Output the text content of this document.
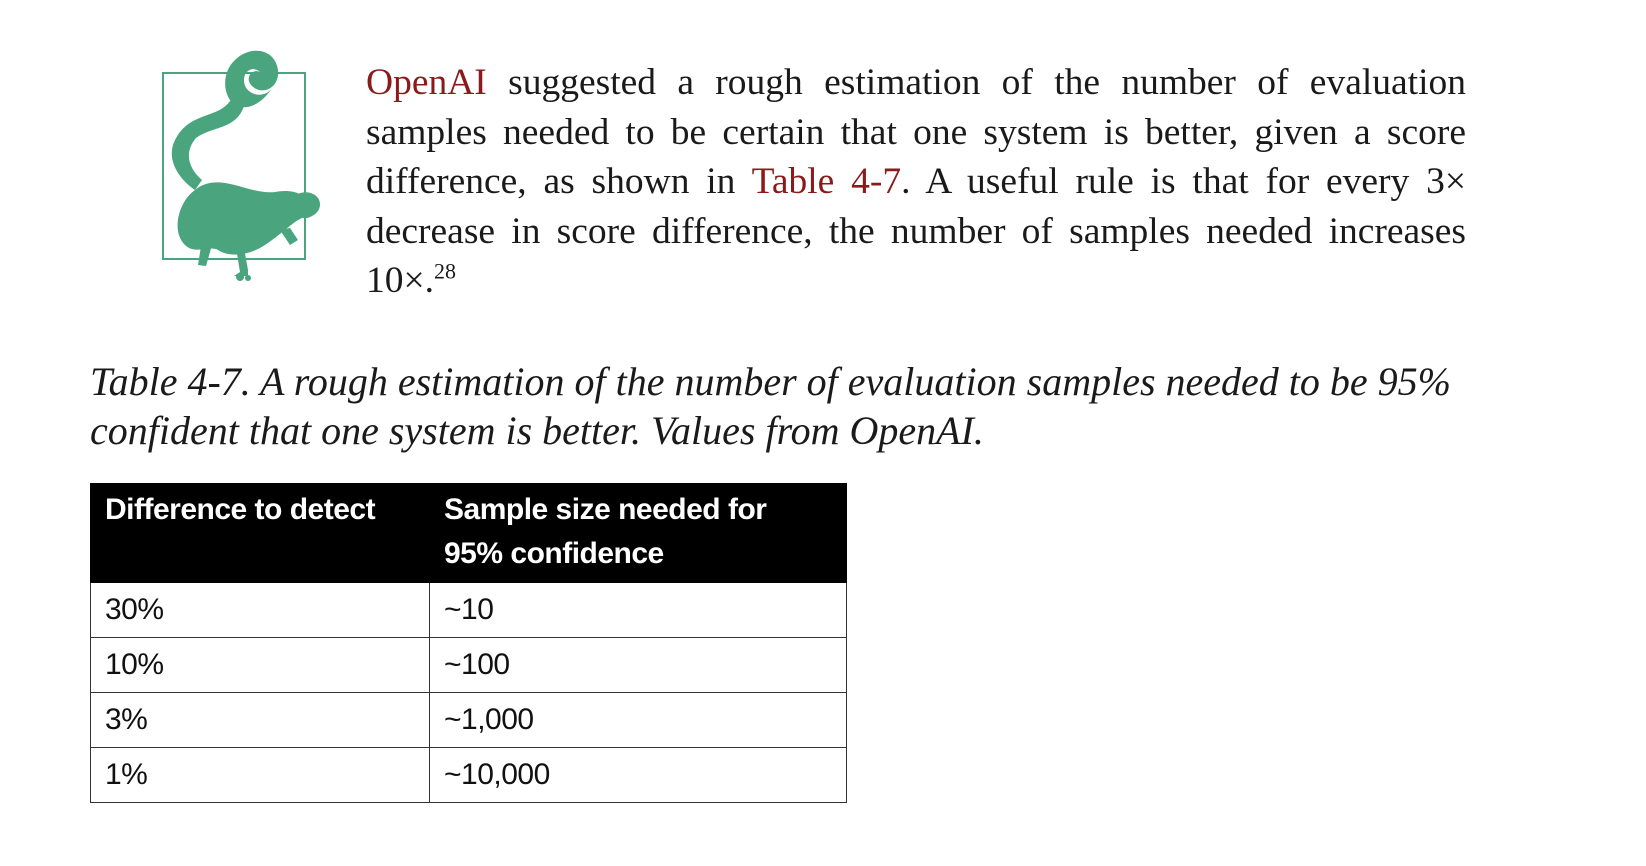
OpenAI suggested a rough estimation of the number of evaluation samples needed to be certain that one system is better, given a score difference, as shown in Table 4-7. A useful rule is that for every 3× decrease in score difference, the number of samples needed increases 10×.$^{28}$
Table 4-7. A rough estimation of the number of evaluation samples needed to be 95% confident that one system is better. Values from OpenAI.
Difference to detect	Sample size needed for 95% confidence
30%	~10
10%	~100
3%	~1,000
1%	~10,000
